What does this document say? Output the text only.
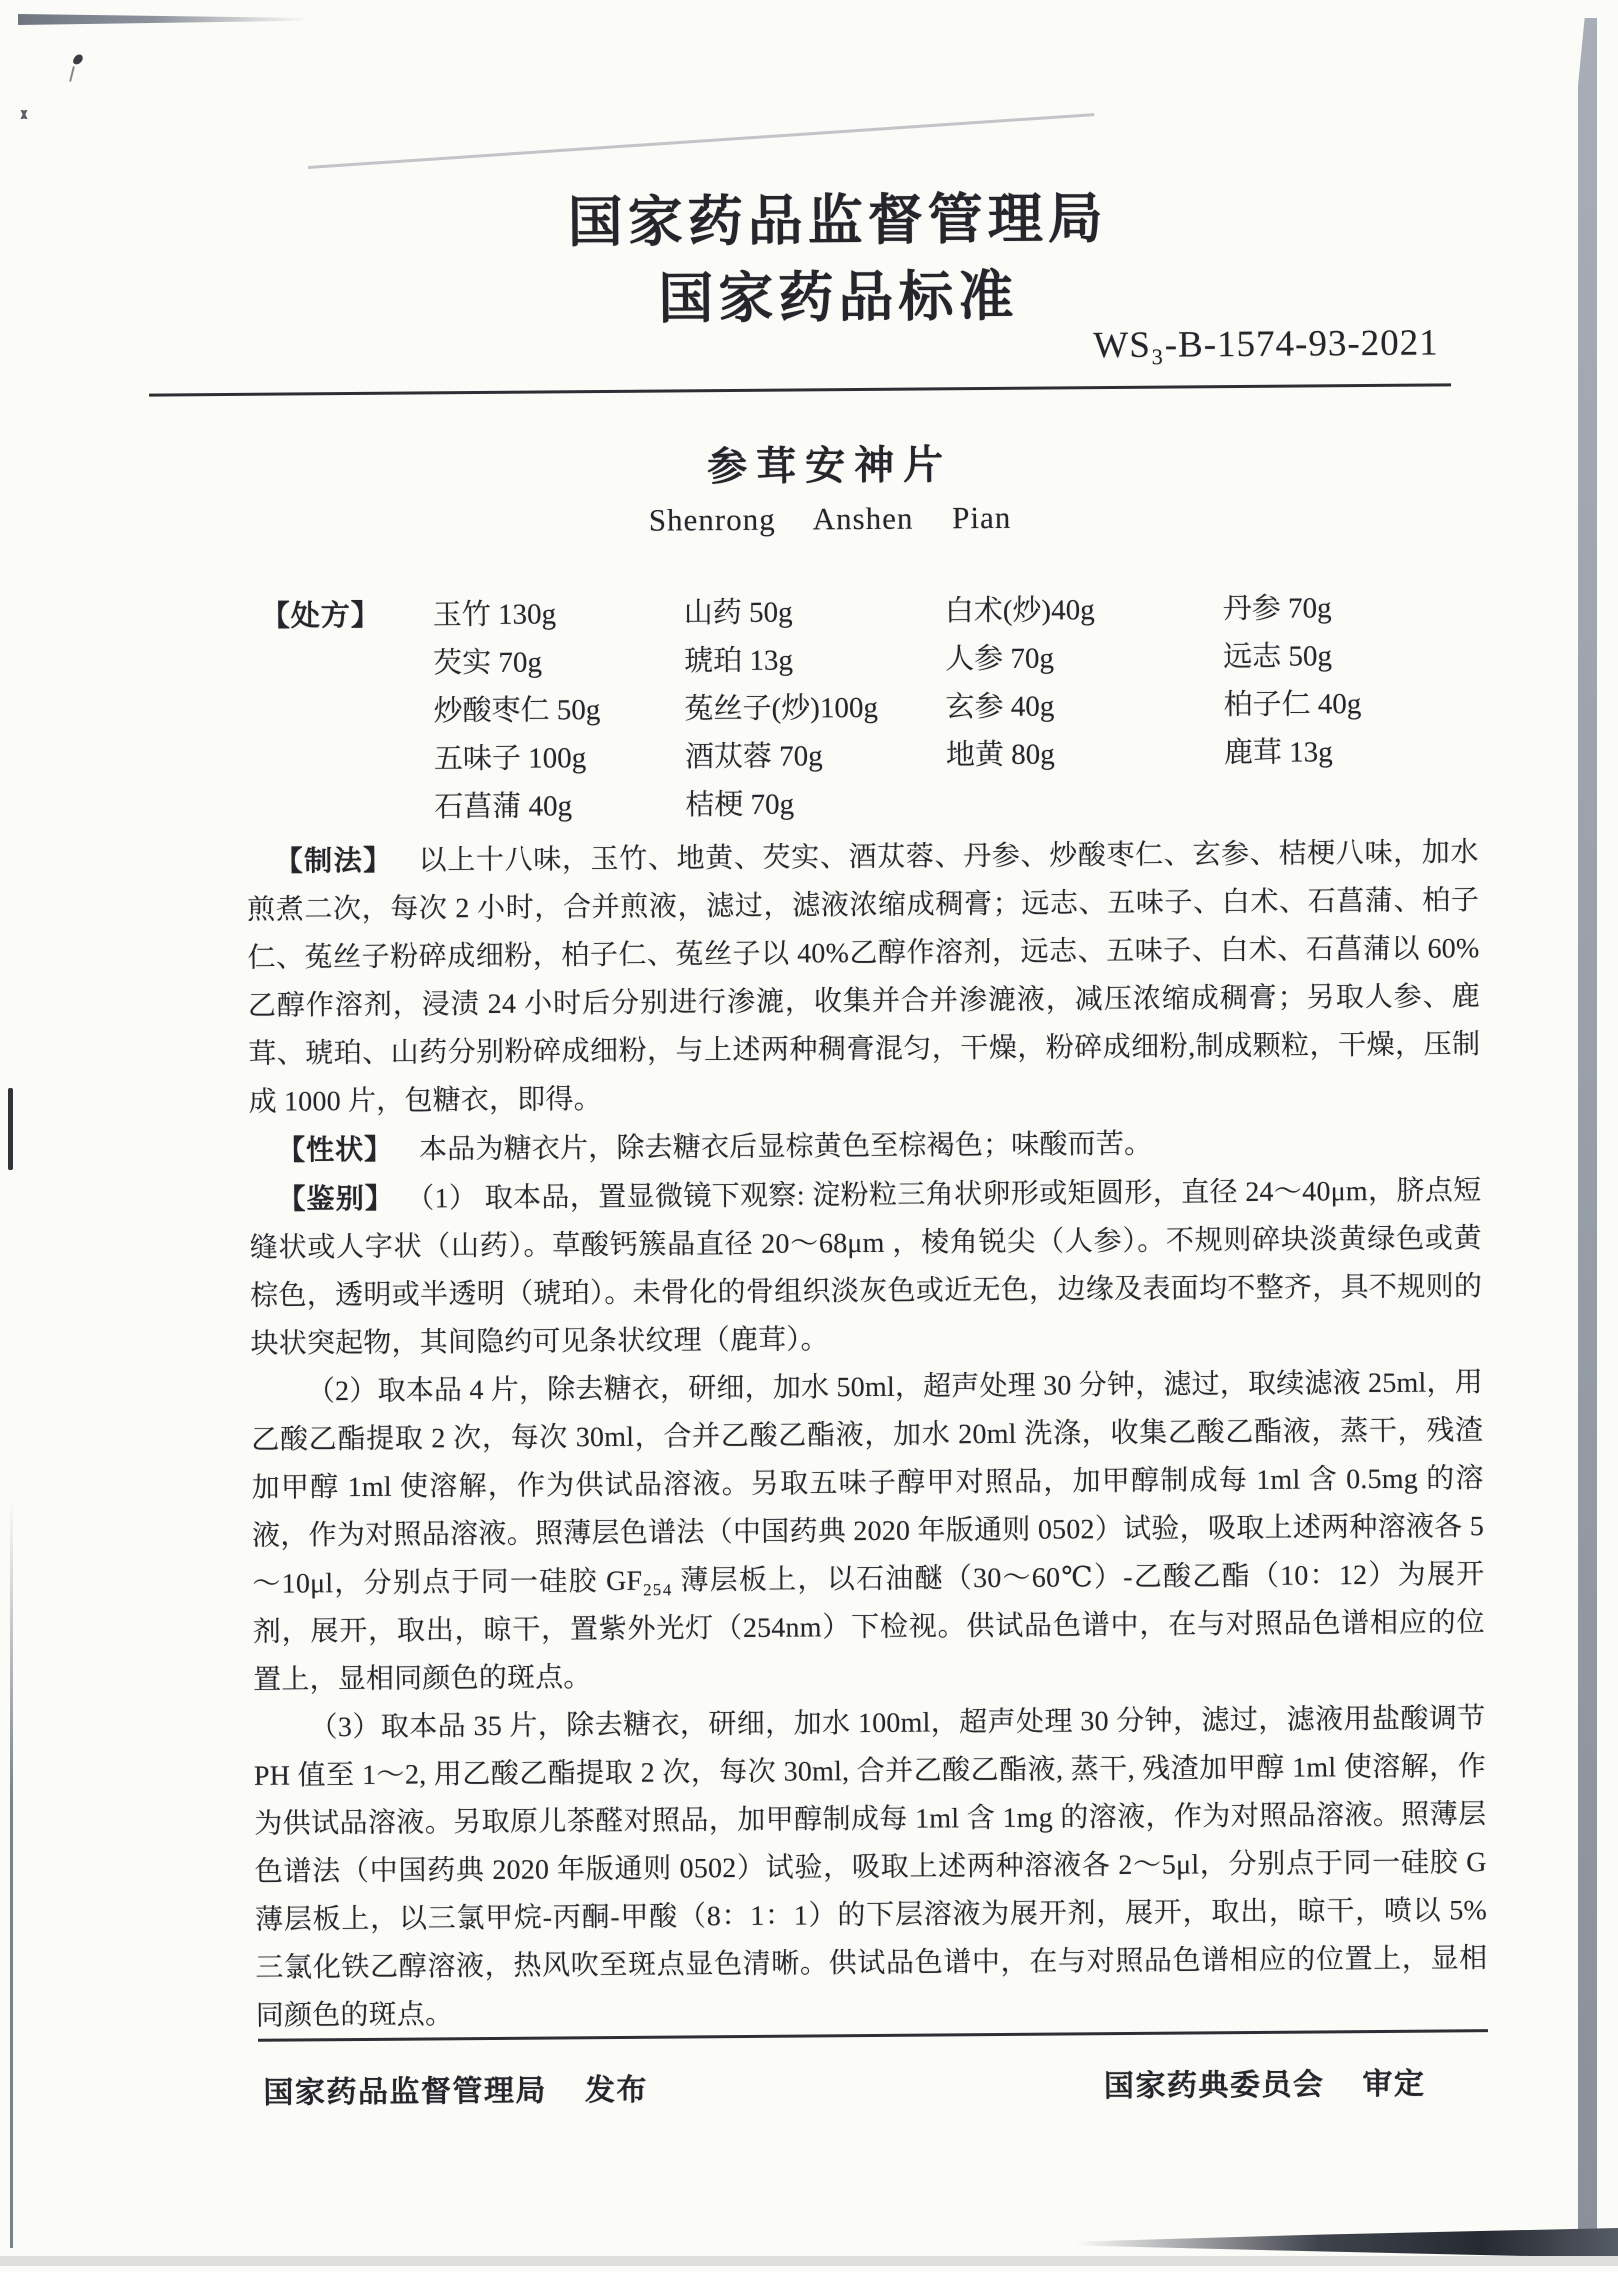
国家药品监督管理局
国家药品标准
WS₃-B-1574-93-2021
参茸安神片
Shenrong Anshen Pian
【处方】 玉竹 130g
芡实 70g
炒酸枣仁 50g
五味子 100g
石菖蒲 40g
山药 50g
琥珀 13g
菟丝子(炒)100g
酒苁蓉 70g
桔梗 70g
白术(炒)40g
人参 70g
玄参 40g
地黄 80g
丹参 70g
远志 50g
柏子仁 40g
鹿茸 13g

【制法】 以上十八味，玉竹、地黄、芡实、酒苁蓉、丹参、炒酸枣仁、玄参、桔梗八味，加水煎煮二次，每次 2 小时，合并煎液，滤过，滤液浓缩成稠膏；远志、五味子、白术、石菖蒲、柏子仁、菟丝子粉碎成细粉，柏子仁、菟丝子以 40%乙醇作溶剂，远志、五味子、白术、石菖蒲以 60%乙醇作溶剂，浸渍 24 小时后分别进行渗漉，收集并合并渗漉液，减压浓缩成稠膏；另取人参、鹿茸、琥珀、山药分别粉碎成细粉，与上述两种稠膏混匀，干燥，粉碎成细粉,制成颗粒，干燥，压制成 1000 片，包糖衣，即得。

【性状】 本品为糖衣片，除去糖衣后显棕黄色至棕褐色；味酸而苦。

【鉴别】 （1） 取本品，置显微镜下观察: 淀粉粒三角状卵形或矩圆形，直径 24～40μm，脐点短缝状或人字状（山药）。草酸钙簇晶直径 20～68μm ，棱角锐尖（人参）。不规则碎块淡黄绿色或黄棕色，透明或半透明（琥珀）。未骨化的骨组织淡灰色或近无色，边缘及表面均不整齐，具不规则的块状突起物，其间隐约可见条状纹理（鹿茸）。

（2）取本品 4 片，除去糖衣，研细，加水 50ml，超声处理 30 分钟，滤过，取续滤液 25ml，用乙酸乙酯提取 2 次，每次 30ml，合并乙酸乙酯液，加水 20ml 洗涤，收集乙酸乙酯液，蒸干，残渣加甲醇 1ml 使溶解，作为供试品溶液。另取五味子醇甲对照品，加甲醇制成每 1ml 含 0.5mg 的溶液，作为对照品溶液。照薄层色谱法（中国药典 2020 年版通则 0502）试验，吸取上述两种溶液各 5～10μl，分别点于同一硅胶 GF₂₅₄ 薄层板上，以石油醚（30～60℃）-乙酸乙酯（10：12）为展开剂，展开，取出，晾干，置紫外光灯（254nm）下检视。供试品色谱中，在与对照品色谱相应的位置上，显相同颜色的斑点。

（3）取本品 35 片，除去糖衣，研细，加水 100ml，超声处理 30 分钟，滤过，滤液用盐酸调节 PH 值至 1～2, 用乙酸乙酯提取 2 次，每次 30ml, 合并乙酸乙酯液, 蒸干, 残渣加甲醇 1ml 使溶解，作为供试品溶液。另取原儿茶醛对照品，加甲醇制成每 1ml 含 1mg 的溶液，作为对照品溶液。照薄层色谱法（中国药典 2020 年版通则 0502）试验，吸取上述两种溶液各 2～5μl，分别点于同一硅胶 G 薄层板上，以三氯甲烷-丙酮-甲酸（8：1：1）的下层溶液为展开剂，展开，取出，晾干，喷以 5%三氯化铁乙醇溶液，热风吹至斑点显色清晰。供试品色谱中，在与对照品色谱相应的位置上，显相同颜色的斑点。

国家药品监督管理局 发布	国家药典委员会 审定
